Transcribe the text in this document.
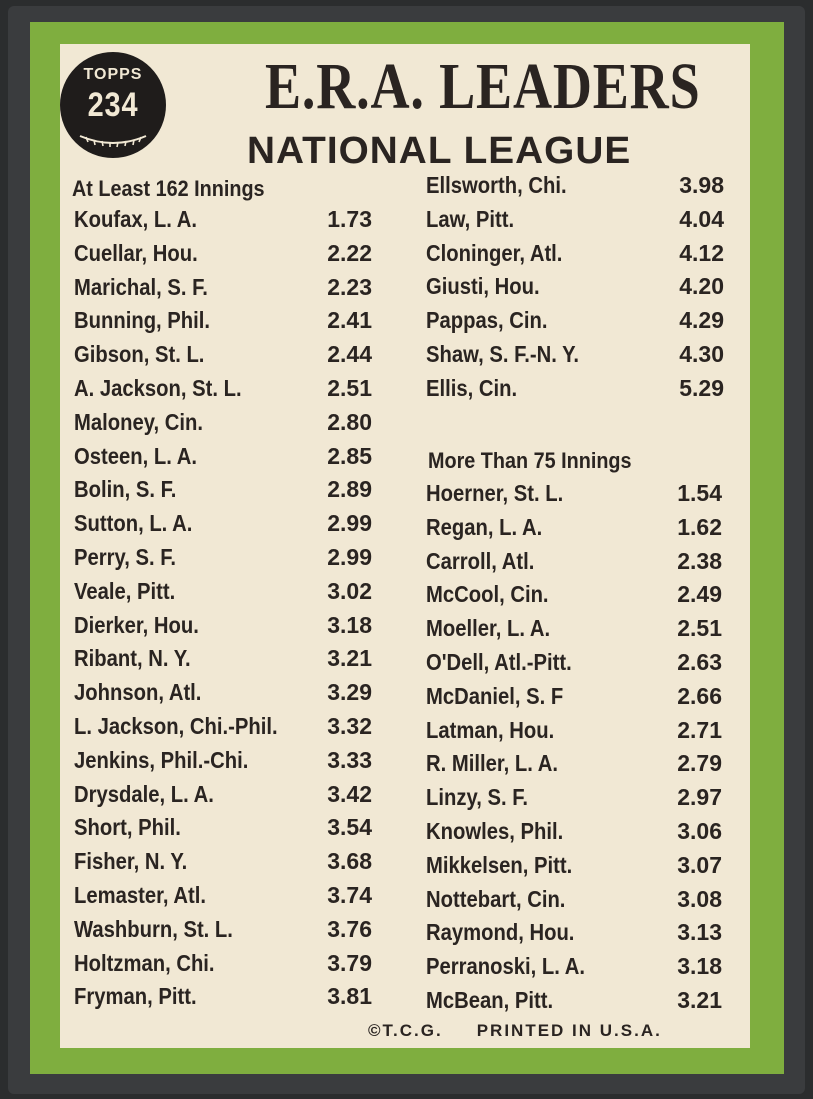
TOPPS
234 E.R.A. LEADERS
NATIONAL LEAGUE
At Least 162 Innings
More Than 75 Innings
Koufax, L. A.	1.73
Cuellar, Hou.	2.22
Marichal, S. F.	2.23
Bunning, Phil.	2.41
Gibson, St. L.	2.44
A. Jackson, St. L.	2.51
Maloney, Cin.	2.80
Osteen, L. A.	2.85
Bolin, S. F.	2.89
Sutton, L. A.	2.99
Perry, S. F.	2.99
Veale, Pitt.	3.02
Dierker, Hou.	3.18
Ribant, N. Y.	3.21
Johnson, Atl.	3.29
L. Jackson, Chi.-Phil. 3.32
Jenkins, Phil.-Chi.	3.33
Drysdale, L. A.	3.42
Short, Phil.	3.54
Fisher, N. Y.	3.68
Lemaster, Atl.	3.74
Washburn, St. L.	3.76
Holtzman, Chi.	3.79
Fryman, Pitt.	3.81
Ellsworth, Chi.	3.98
Law, Pitt.	4.04
Cloninger, Atl.	4.12
Giusti, Hou.	4.20
Pappas, Cin.	4.29
Shaw, S. F.-N. Y.	4.30
Ellis, Cin.	5.29
Hoerner, St. L.	1.54
Regan, L. A.	1.62
Carroll, Atl.	2.38
McCool, Cin.	2.49
Moeller, L. A.	2.51
O'Dell, Atl.-Pitt.	2.63
McDaniel, S. F	2.66
Latman, Hou.	2.71
R. Miller, L. A.	2.79
Linzy, S. F.	2.97
Knowles, Phil.	3.06
Mikkelsen, Pitt.	3.07
Nottebart, Cin.	3.08
Raymond, Hou.	3.13
Perranoski, L. A.	3.18
McBean, Pitt.	3.21
©T.C.G. PRINTED IN U.S.A.
